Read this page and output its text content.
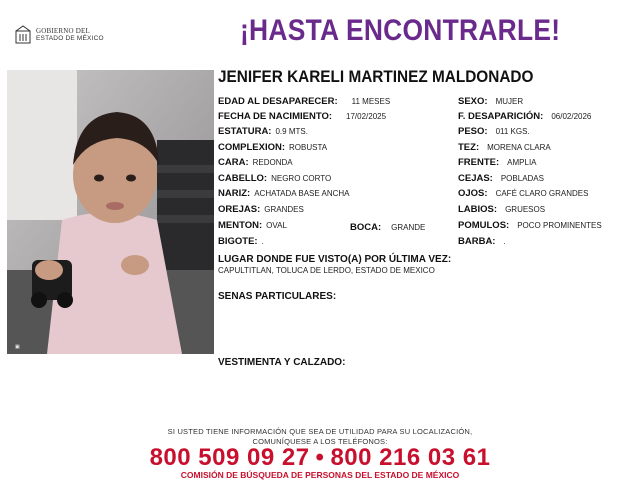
GOBIERNO DEL
ESTADO DE MÉXICO	¡HASTA ENCONTRARLE!
▣
JENIFER KARELI MARTINEZ MALDONADO
EDAD AL DESAPARECER: 11 MESES
FECHA DE NACIMIENTO: 17/02/2025
ESTATURA: 0.9 MTS.
COMPLEXION: ROBUSTA
CARA: REDONDA
CABELLO: NEGRO CORTO
NARIZ: ACHATADA BASE ANCHA
OREJAS: GRANDES
MENTON: OVAL
BIGOTE: .
BOCA: GRANDE
SEXO: MUJER
F. DESAPARICIÓN: 06/02/2026
PESO: 011 KGS.
TEZ: MORENA CLARA
FRENTE: AMPLIA
CEJAS: POBLADAS
OJOS: CAFÉ CLARO GRANDES
LABIOS: GRUESOS
POMULOS: POCO PROMINENTES
BARBA: .
LUGAR DONDE FUE VISTO(A) POR ÚLTIMA VEZ:
CAPULTITLAN, TOLUCA DE LERDO, ESTADO DE MEXICO
SENAS PARTICULARES:
VESTIMENTA Y CALZADO:
SI USTED TIENE INFORMACIÓN QUE SEA DE UTILIDAD PARA SU LOCALIZACIÓN,
COMUNÍQUESE A LOS TELÉFONOS:
800 509 09 27 • 800 216 03 61
COMISIÓN DE BÚSQUEDA DE PERSONAS DEL ESTADO DE MÉXICO
